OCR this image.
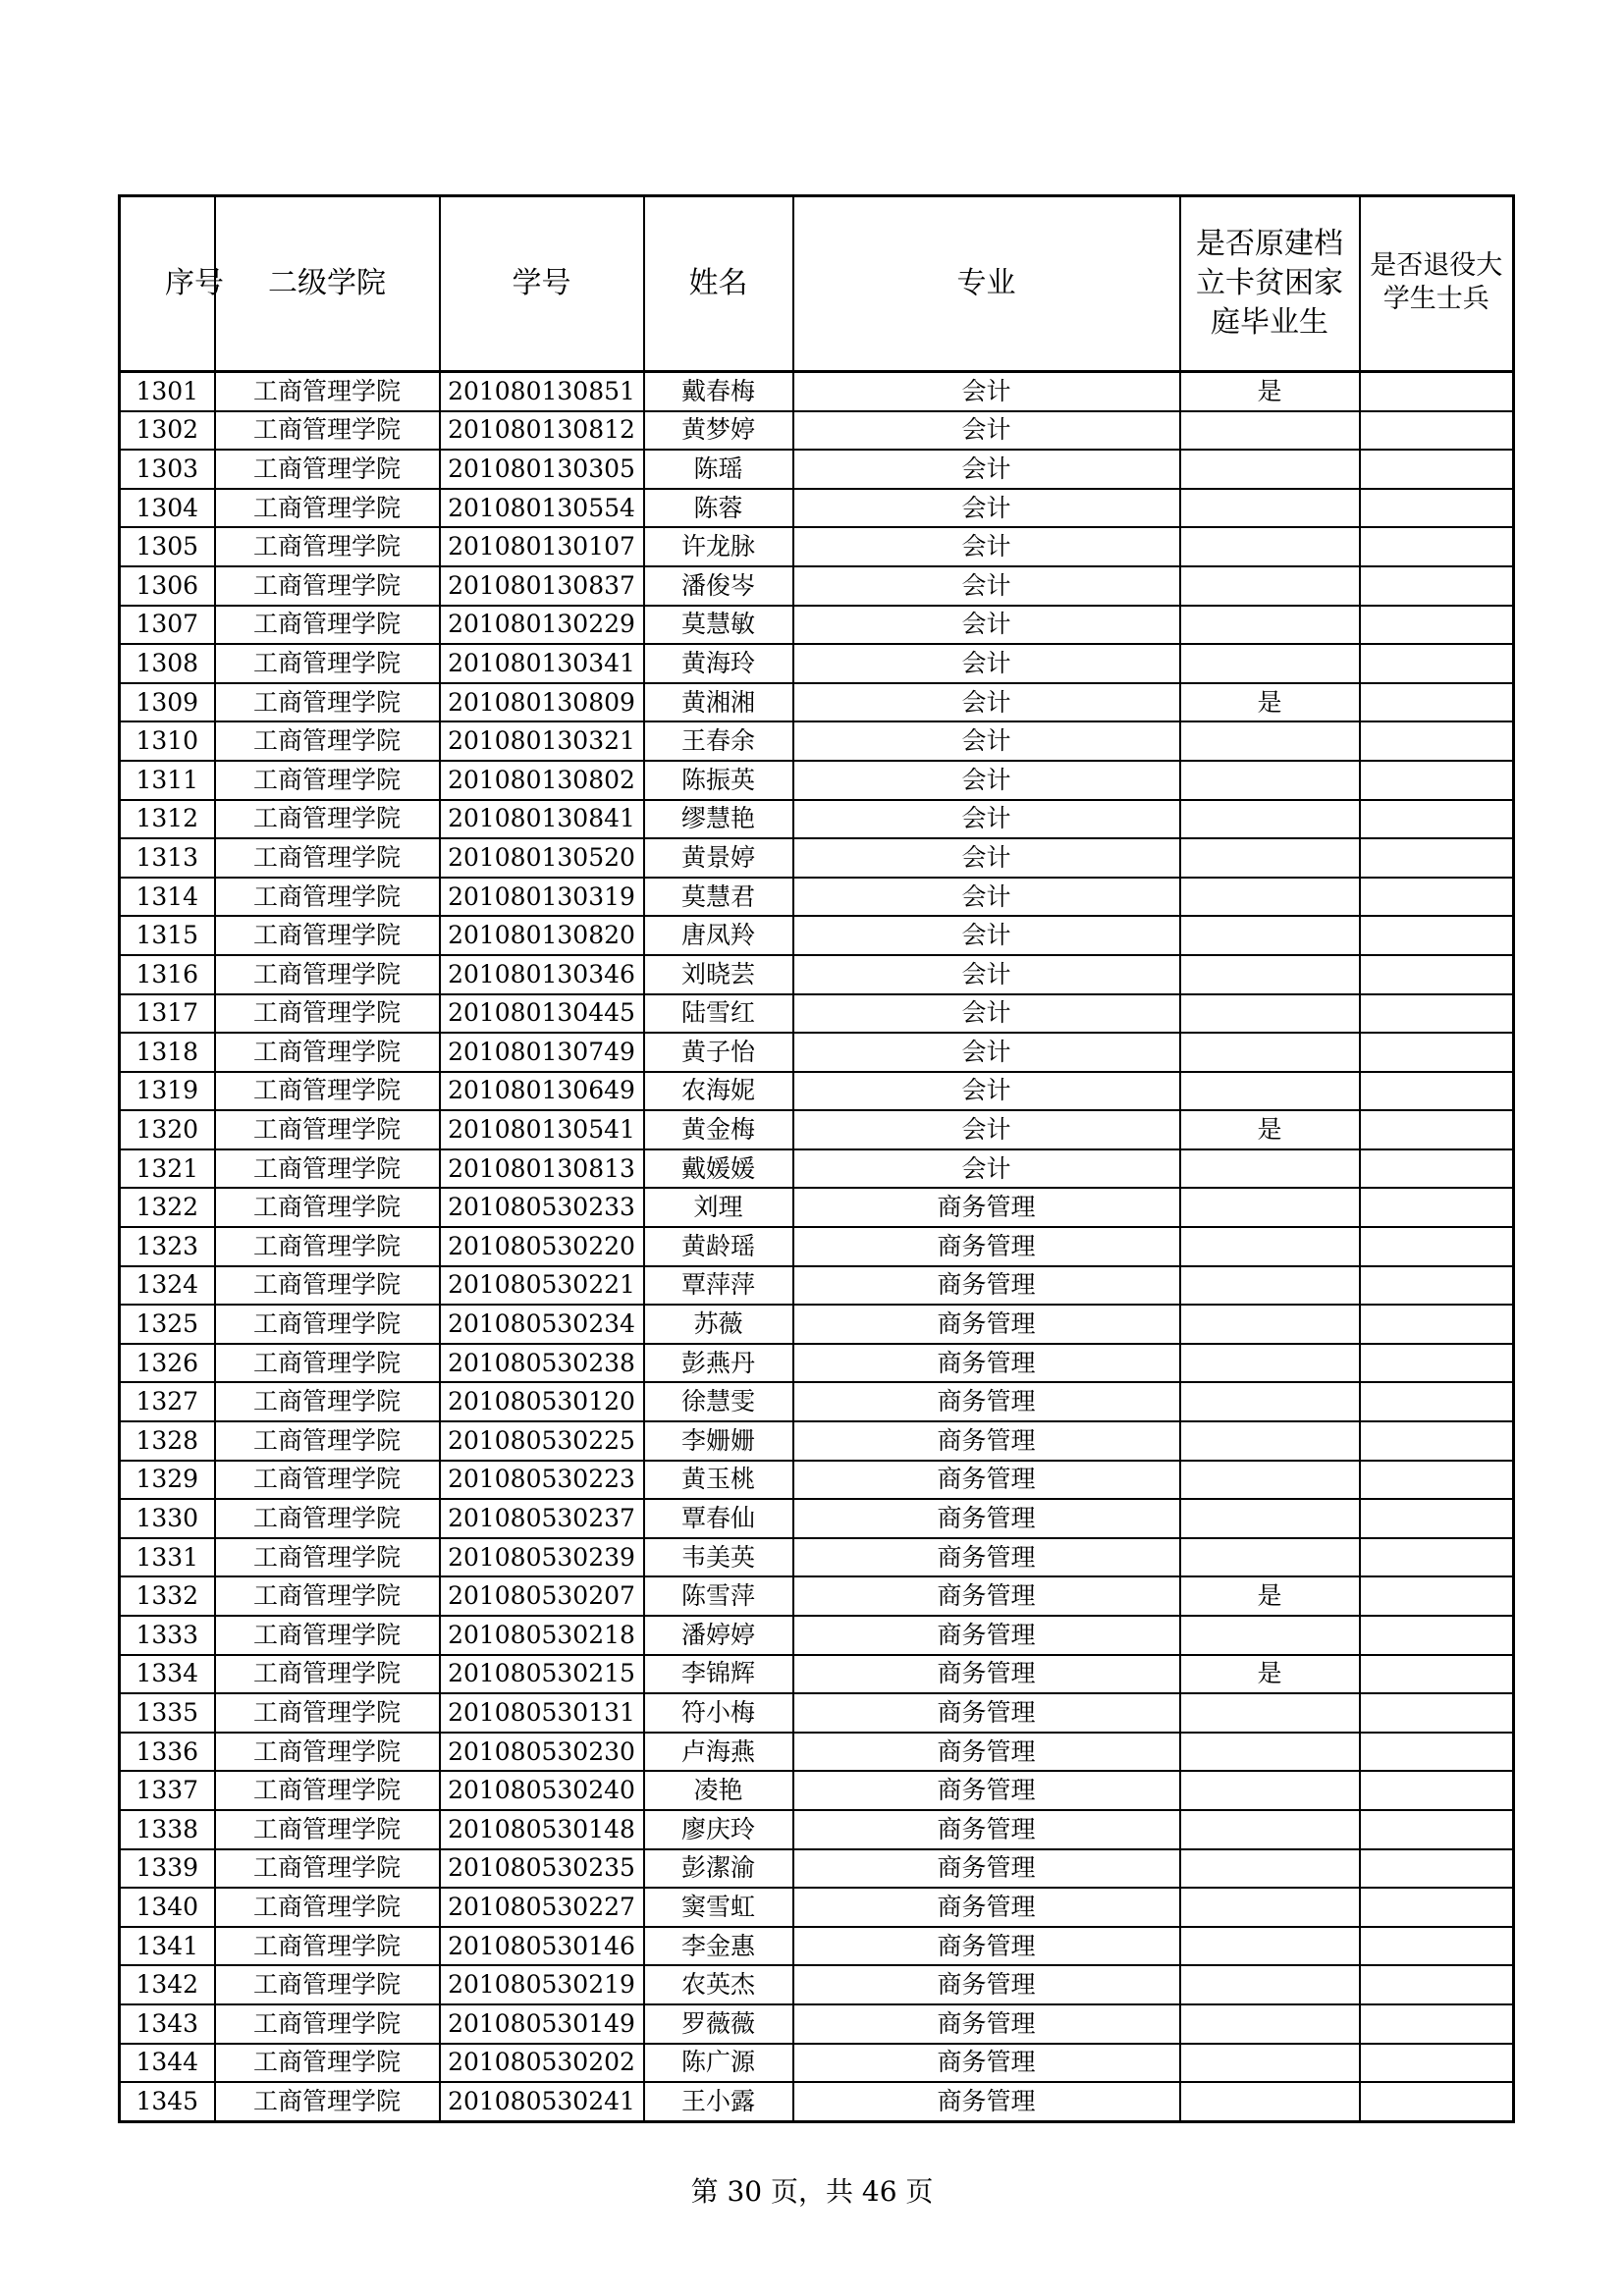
序号	二级学院	学号	姓名	专业	是否原建档立卡贫困家庭毕业生	是否退役大学生士兵
1301	工商管理学院	201080130851	戴春梅	会计	是	
1302	工商管理学院	201080130812	黄梦婷	会计		
1303	工商管理学院	201080130305	陈瑶	会计		
1304	工商管理学院	201080130554	陈蓉	会计		
1305	工商管理学院	201080130107	许龙脉	会计		
1306	工商管理学院	201080130837	潘俊岑	会计		
1307	工商管理学院	201080130229	莫慧敏	会计		
1308	工商管理学院	201080130341	黄海玲	会计		
1309	工商管理学院	201080130809	黄湘湘	会计	是	
1310	工商管理学院	201080130321	王春余	会计		
1311	工商管理学院	201080130802	陈振英	会计		
1312	工商管理学院	201080130841	缪慧艳	会计		
1313	工商管理学院	201080130520	黄景婷	会计		
1314	工商管理学院	201080130319	莫慧君	会计		
1315	工商管理学院	201080130820	唐凤羚	会计		
1316	工商管理学院	201080130346	刘晓芸	会计		
1317	工商管理学院	201080130445	陆雪红	会计		
1318	工商管理学院	201080130749	黄子怡	会计		
1319	工商管理学院	201080130649	农海妮	会计		
1320	工商管理学院	201080130541	黄金梅	会计	是	
1321	工商管理学院	201080130813	戴媛媛	会计		
1322	工商管理学院	201080530233	刘理	商务管理		
1323	工商管理学院	201080530220	黄龄瑶	商务管理		
1324	工商管理学院	201080530221	覃萍萍	商务管理		
1325	工商管理学院	201080530234	苏薇	商务管理		
1326	工商管理学院	201080530238	彭燕丹	商务管理		
1327	工商管理学院	201080530120	徐慧雯	商务管理		
1328	工商管理学院	201080530225	李姗姗	商务管理		
1329	工商管理学院	201080530223	黄玉桃	商务管理		
1330	工商管理学院	201080530237	覃春仙	商务管理		
1331	工商管理学院	201080530239	韦美英	商务管理		
1332	工商管理学院	201080530207	陈雪萍	商务管理	是	
1333	工商管理学院	201080530218	潘婷婷	商务管理		
1334	工商管理学院	201080530215	李锦辉	商务管理	是	
1335	工商管理学院	201080530131	符小梅	商务管理		
1336	工商管理学院	201080530230	卢海燕	商务管理		
1337	工商管理学院	201080530240	凌艳	商务管理		
1338	工商管理学院	201080530148	廖庆玲	商务管理		
1339	工商管理学院	201080530235	彭潔渝	商务管理		
1340	工商管理学院	201080530227	窦雪虹	商务管理		
1341	工商管理学院	201080530146	李金惠	商务管理		
1342	工商管理学院	201080530219	农英杰	商务管理		
1343	工商管理学院	201080530149	罗薇薇	商务管理		
1344	工商管理学院	201080530202	陈广源	商务管理		
1345	工商管理学院	201080530241	王小露	商务管理		
第 30 页，共 46 页
